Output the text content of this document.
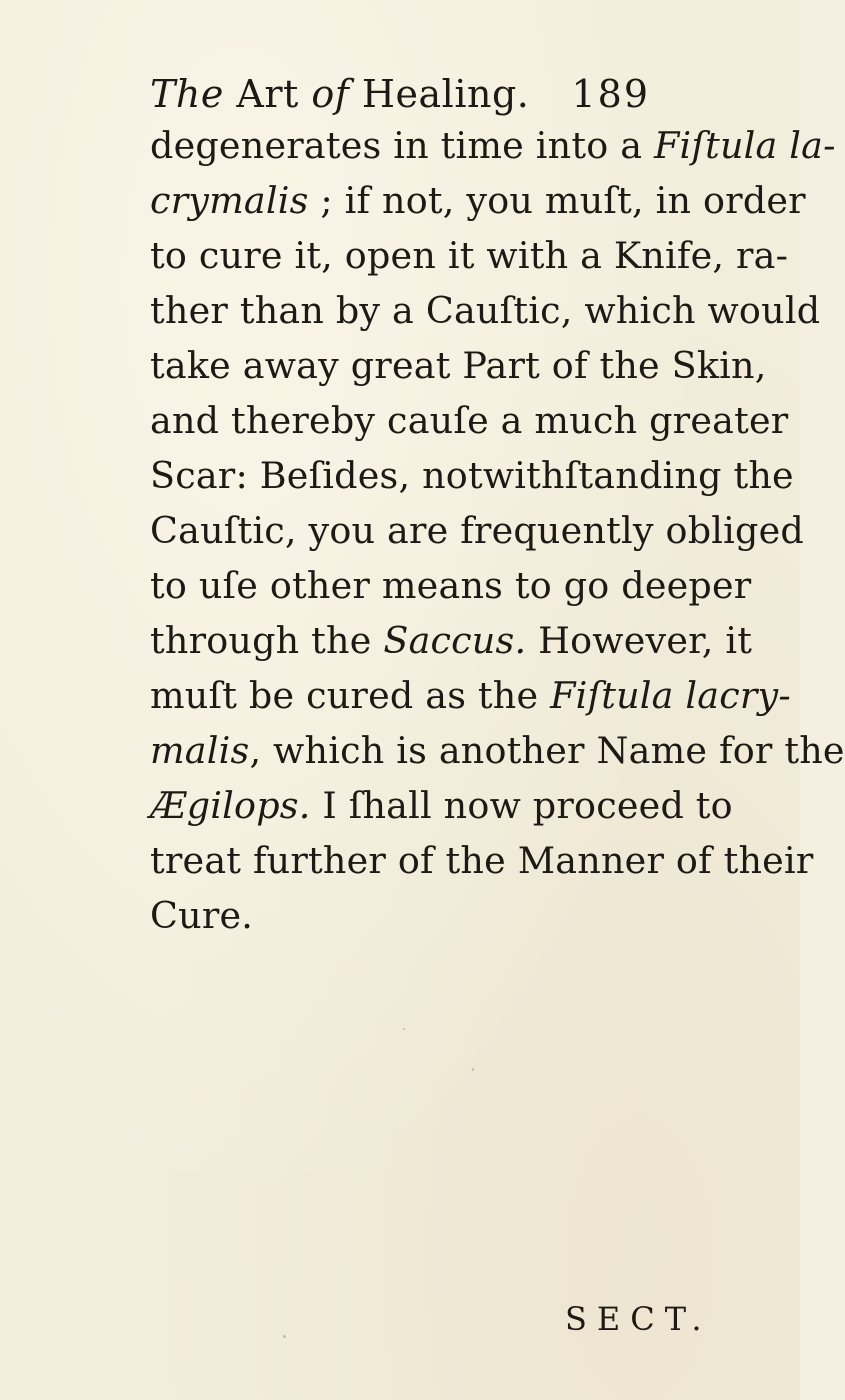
The Art of Healing. 189
degenerates in time into a Fiſtula la-
crymalis ; if not, you muſt, in order
to cure it, open it with a Knife, ra-
ther than by a Cauſtic, which would
take away great Part of the Skin,
and thereby cauſe a much greater
Scar: Beſides, notwithſtanding the
Cauſtic, you are frequently obliged
to uſe other means to go deeper
through the Saccus. However, it
muſt be cured as the Fiſtula lacry-
malis, which is another Name for the
Ægilops. I ſhall now proceed to
treat further of the Manner of their
Cure.
SECT.
